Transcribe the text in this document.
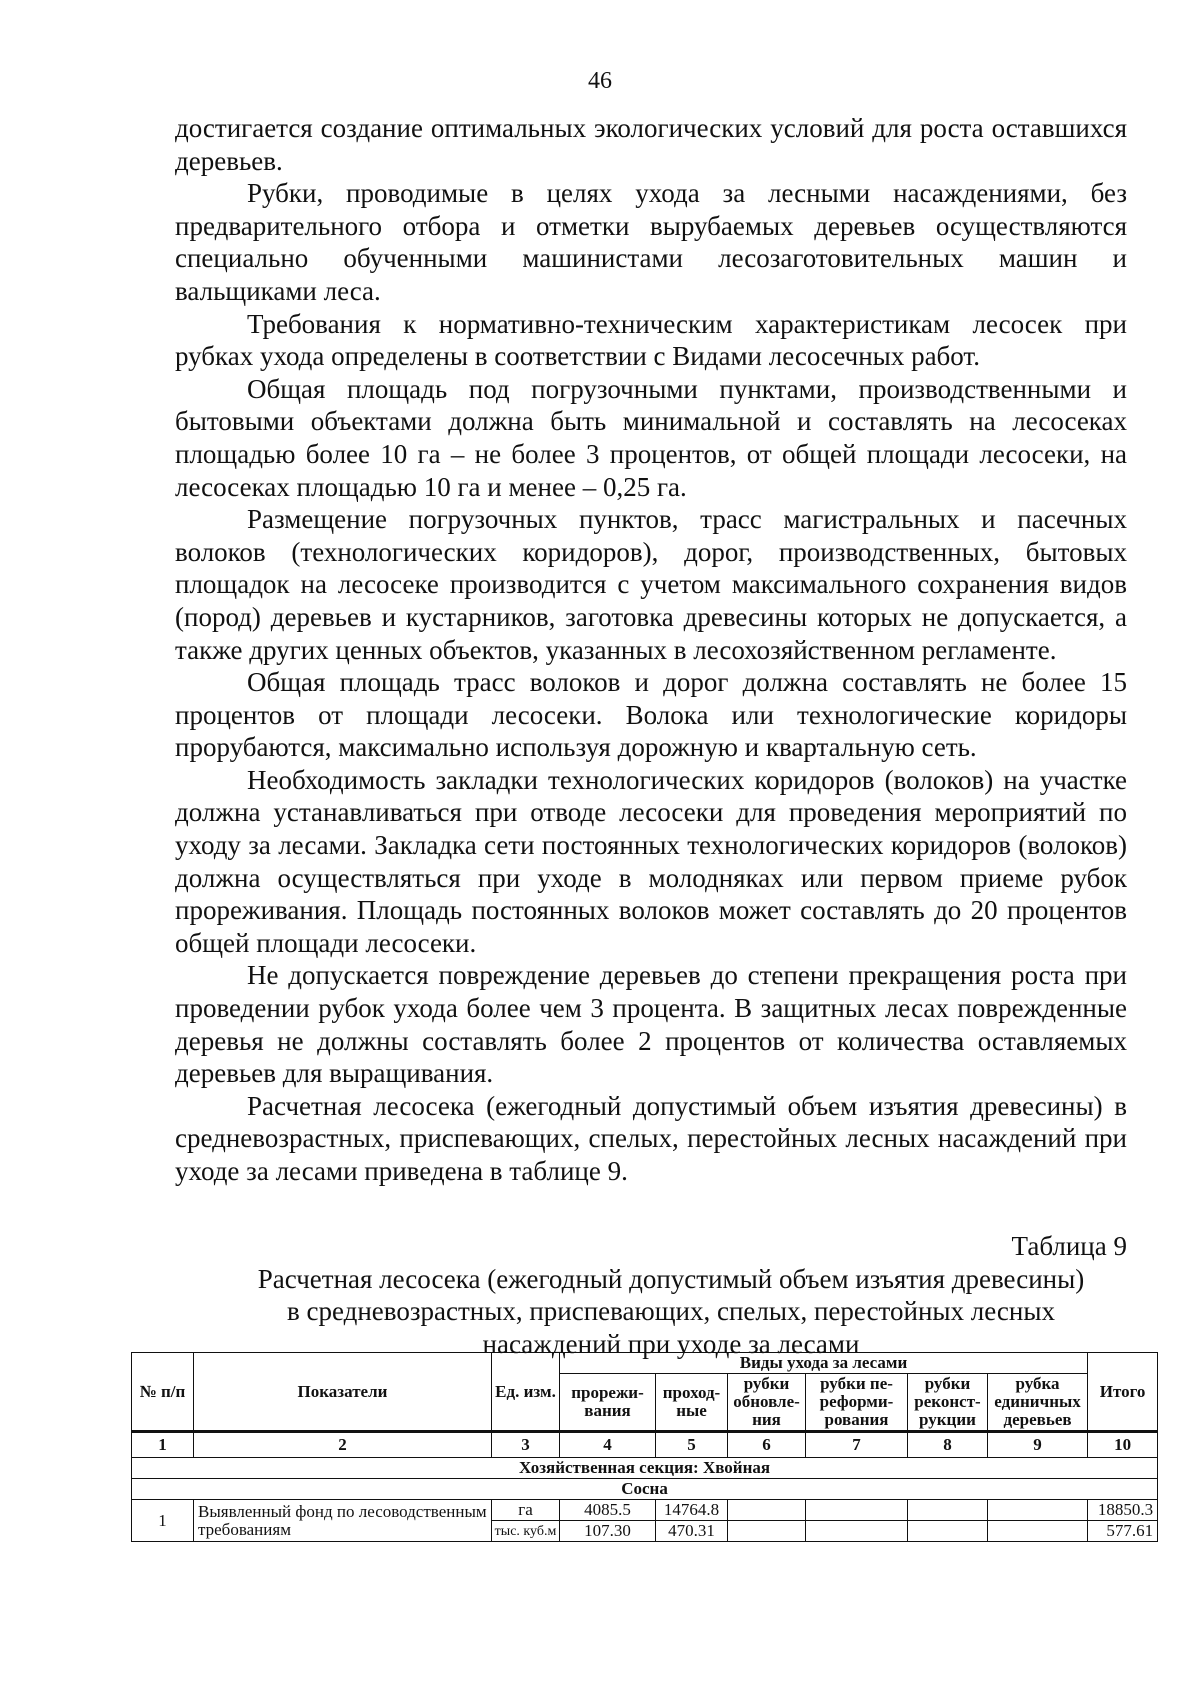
46

достигается создание оптимальных экологических условий для роста оставшихся деревьев.

Рубки, проводимые в целях ухода за лесными насаждениями, без предварительного отбора и отметки вырубаемых деревьев осуществляются специально обученными машинистами лесозаготовительных машин и вальщиками леса.

Требования к нормативно-техническим характеристикам лесосек при рубках ухода определены в соответствии с Видами лесосечных работ.

Общая площадь под погрузочными пунктами, производственными и бытовыми объектами должна быть минимальной и составлять на лесосеках площадью более 10 га – не более 3 процентов, от общей площади лесосеки, на лесосеках площадью 10 га и менее – 0,25 га.

Размещение погрузочных пунктов, трасс магистральных и пасечных волоков (технологических коридоров), дорог, производственных, бытовых площадок на лесосеке производится с учетом максимального сохранения видов (пород) деревьев и кустарников, заготовка древесины которых не допускается, а также других ценных объектов, указанных в лесохозяйственном регламенте.

Общая площадь трасс волоков и дорог должна составлять не более 15 процентов от площади лесосеки. Волока или технологические коридоры прорубаются, максимально используя дорожную и квартальную сеть.

Необходимость закладки технологических коридоров (волоков) на участке должна устанавливаться при отводе лесосеки для проведения мероприятий по уходу за лесами. Закладка сети постоянных технологических коридоров (волоков) должна осуществляться при уходе в молодняках или первом приеме рубок прореживания. Площадь постоянных волоков может составлять до 20 процентов общей площади лесосеки.

Не допускается повреждение деревьев до степени прекращения роста при проведении рубок ухода более чем 3 процента. В защитных лесах поврежденные деревья не должны составлять более 2 процентов от количества оставляемых деревьев для выращивания.

Расчетная лесосека (ежегодный допустимый объем изъятия древесины) в средневозрастных, приспевающих, спелых, перестойных лесных насаждений при уходе за лесами приведена в таблице 9.

Таблица 9
Расчетная лесосека (ежегодный допустимый объем изъятия древесины)
в средневозрастных, приспевающих, спелых, перестойных лесных
насаждений при уходе за лесами
№ п/п	Показатели	Ед. изм.	Виды ухода за лесами						Итого
			прорежи-вания	проход-ные	рубки обновле-ния	рубки пе-реформи-рования	рубки реконст-рукции	рубка единичных деревьев	
1	2	3	4	5	6	7	8	9	10
Хозяйственная секция: Хвойная									
Сосна									
1	Выявленный фонд по лесоводственным требованиям	га	4085.5	14764.8					18850.3
		тыс. куб.м	107.30	470.31					577.61
